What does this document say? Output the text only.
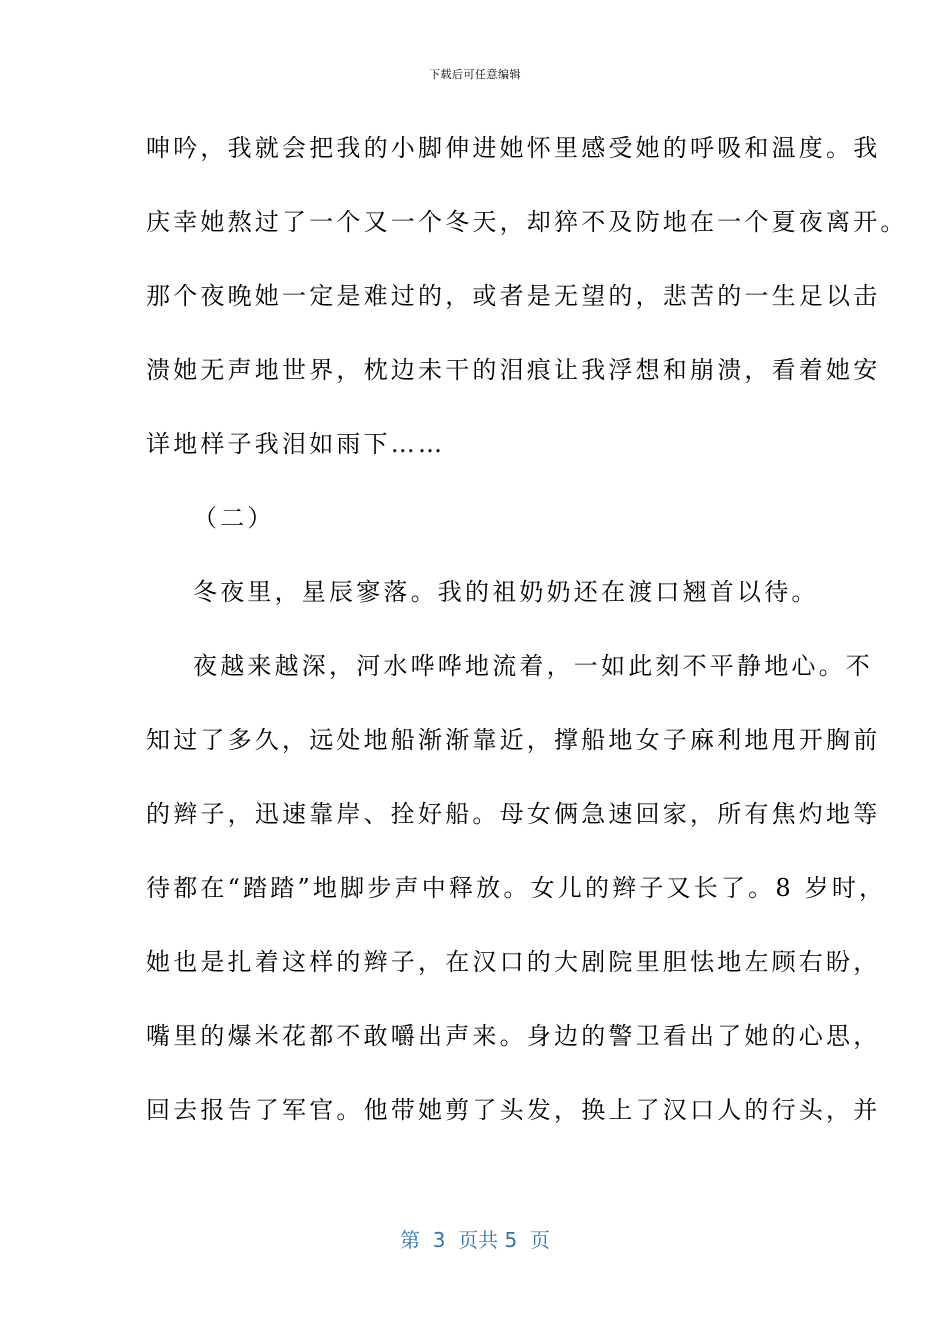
下载后可任意编辑
呻吟，我就会把我的小脚伸进她怀里感受她的呼吸和温度。我
庆幸她熬过了一个又一个冬天，却猝不及防地在一个夏夜离开。
那个夜晚她一定是难过的，或者是无望的，悲苦的一生足以击
溃她无声地世界，枕边未干的泪痕让我浮想和崩溃，看着她安
详地样子我泪如雨下……
（二）
冬夜里，星辰寥落。我的祖奶奶还在渡口翘首以待。
夜越来越深，河水哗哗地流着，一如此刻不平静地心。不
知过了多久，远处地船渐渐靠近，撑船地女子麻利地甩开胸前
的辫子，迅速靠岸、拴好船。母女俩急速回家，所有焦灼地等
待都在“踏踏”地脚步声中释放。女儿的辫子又长了。8 岁时，
她也是扎着这样的辫子，在汉口的大剧院里胆怯地左顾右盼，
嘴里的爆米花都不敢嚼出声来。身边的警卫看出了她的心思，
回去报告了军官。他带她剪了头发，换上了汉口人的行头，并
第  3  页共 5  页
